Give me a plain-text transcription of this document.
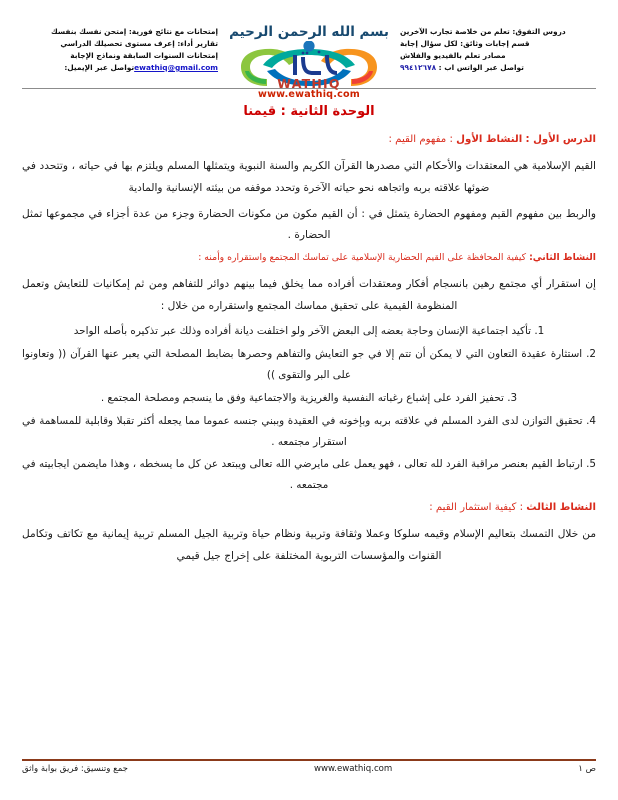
إمتحانات مع نتائج فورية: إمتحن نفسك بنفسك
تقارير أداء: إعرف مستوى تحصيلك الدراسي
إمتحانات السنوات السابقة ونماذج الإجابة
ewathiq@gmail.comتواصل عبر الإيميل:
بسم الله الرحمن الرحيم
WATHIQ
www.ewathiq.com
دروس التفوق: تعلم من خلاصة تجارب الآخرين
قسم إجابات وثائق: لكل سؤال إجابة
مصادر تعلم بالفيديو والفلاش
تواصل عبر الواتس اب : ٩٩٤١٢٦٧٨
الوحدة الثانية : قيمنا
الدرس الأول : النشاط الأول : مفهوم القيم :

القيم الإسلامية هي المعتقدات والأحكام التي مصدرها القرآن الكريم والسنة النبوية ويتمثلها المسلم ويلتزم بها في حياته ، وتتحدد في ضوئها علاقته بربه واتجاهه نحو حياته الآخرة وتحدد موقفه من بيئته الإنسانية والمادية

والربط بين مفهوم القيم ومفهوم الحضارة يتمثل في : أن القيم مكون من مكونات الحضارة وجزء من عدة أجزاء في مجموعها تمثل الحضارة .

النشاط الثاني: كيفية المحافظة على القيم الحضارية الإسلامية على تماسك المجتمع واستقراره وأمنه :

إن استقرار أي مجتمع رهين بانسجام أفكار ومعتقدات أفراده مما يخلق فيما بينهم دوائر للتفاهم ومن ثم إمكانيات للتعايش وتعمل المنظومة القيمية على تحقيق مماسك المجتمع واستقراره من خلال :

1. تأكيد اجتماعية الإنسان وحاجة بعضه إلى البعض الآخر ولو اختلفت ديانة أفراده وذلك عبر تذكيره بأصله الواحد
2. استثارة عقيدة التعاون التي لا يمكن أن تتم إلا في جو التعايش والتفاهم وحصرها بضابط المصلحة التي يعبر عنها القرآن (( وتعاونوا على البر والتقوى ))
3. تحفيز الفرد على إشباع رغباته النفسية والغريزية والاجتماعية وفق ما ينسجم ومصلحة المجتمع .
4. تحقيق التوازن لدى الفرد المسلم في علاقته بربه وبإخوته في العقيدة وببني جنسه عموما مما يجعله أكثر تقبلا وقابلية للمساهمة في استقرار مجتمعه .
5. ارتباط القيم بعنصر مراقبة الفرد لله تعالى ، فهو يعمل على مايرضي الله تعالى ويبتعد عن كل ما يسخطه ، وهذا مايضمن ايجابيته في مجتمعه .
النشاط الثالث : كيفية استثمار القيم :

من خلال التمسك بتعاليم الإسلام وقيمه سلوكا وعملا وثقافة وتربية ونظام حياة وتربية الجيل المسلم تربية إيمانية مع تكاتف وتكامل القنوات والمؤسسات التربوية المختلفة على إخراج جيل قيمي

جمع وتنسيق: فريق بوابة واثق	www.ewathiq.com	ص ١
